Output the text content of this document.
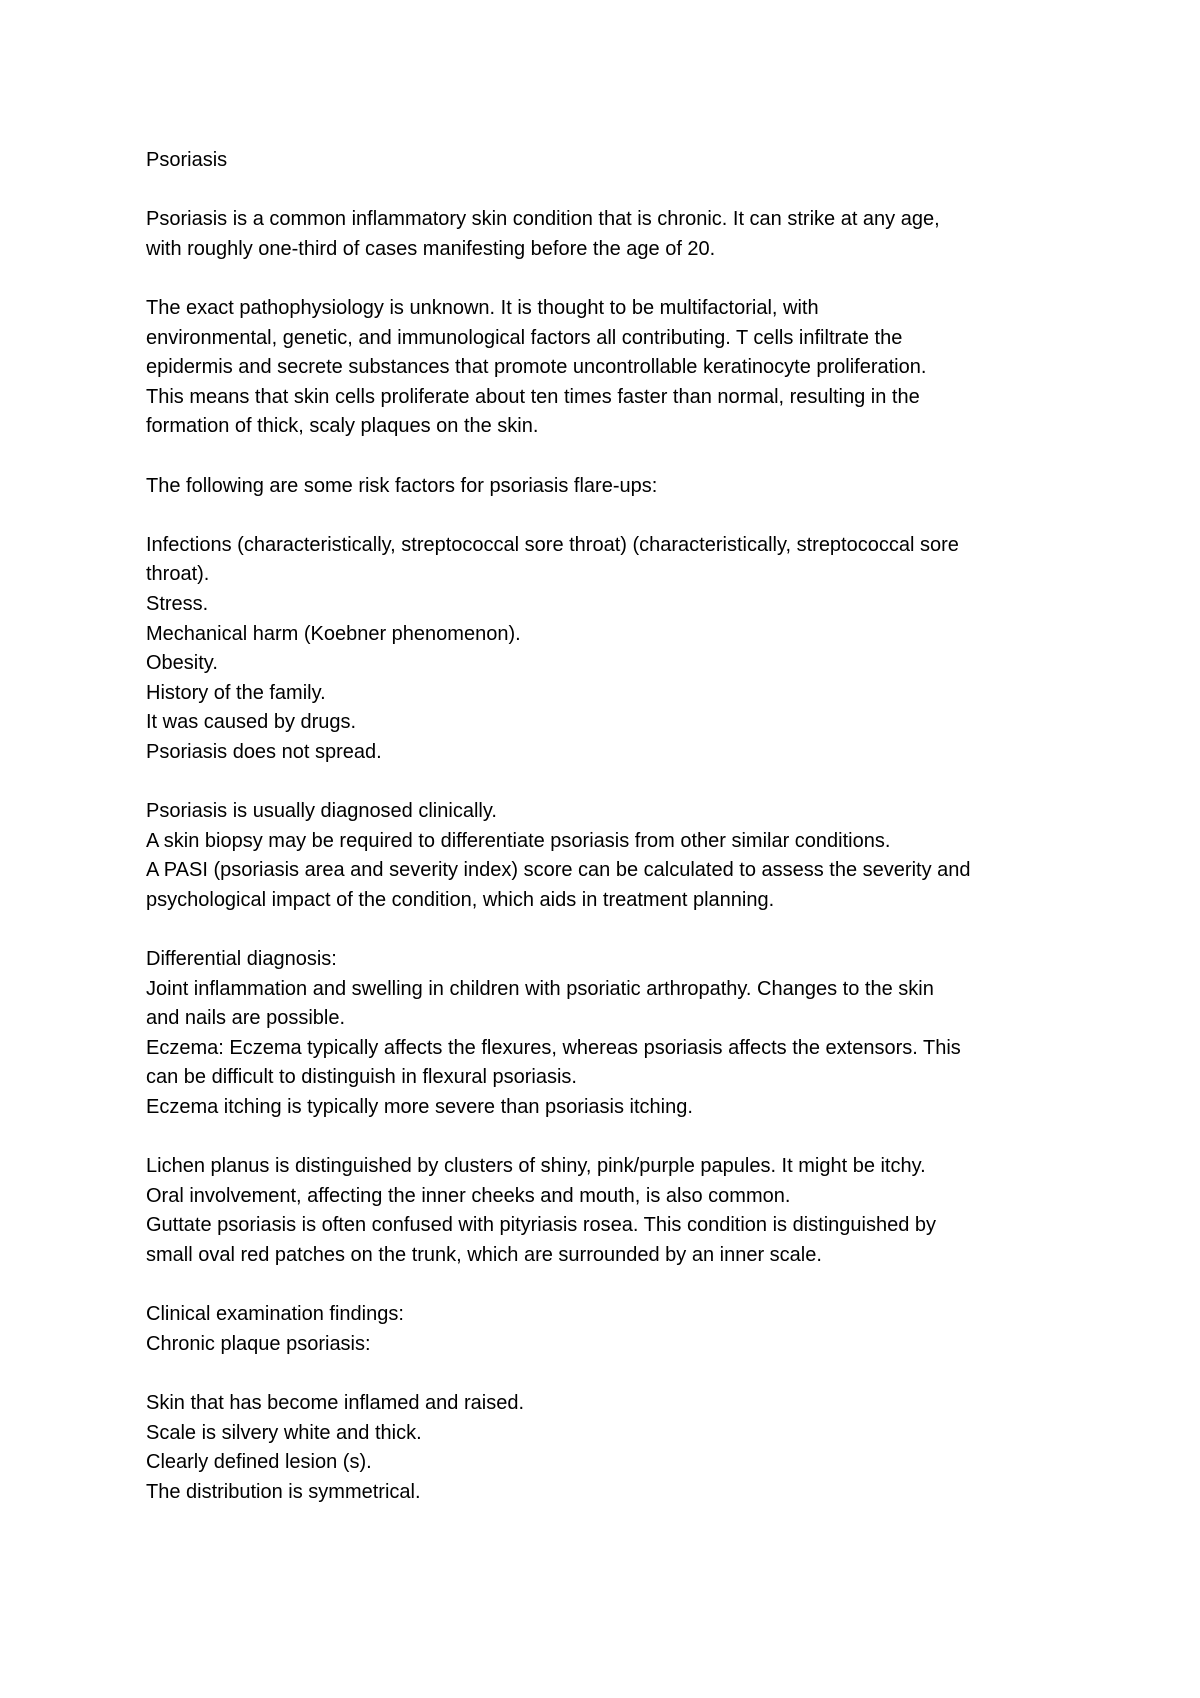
Psoriasis
Psoriasis is a common inflammatory skin condition that is chronic. It can strike at any age,
with roughly one-third of cases manifesting before the age of 20.
The exact pathophysiology is unknown. It is thought to be multifactorial, with
environmental, genetic, and immunological factors all contributing. T cells infiltrate the
epidermis and secrete substances that promote uncontrollable keratinocyte proliferation.
This means that skin cells proliferate about ten times faster than normal, resulting in the
formation of thick, scaly plaques on the skin.
The following are some risk factors for psoriasis flare-ups:
Infections (characteristically, streptococcal sore throat) (characteristically, streptococcal sore
throat).
Stress.
Mechanical harm (Koebner phenomenon).
Obesity.
History of the family.
It was caused by drugs.
Psoriasis does not spread.
Psoriasis is usually diagnosed clinically.
A skin biopsy may be required to differentiate psoriasis from other similar conditions.
A PASI (psoriasis area and severity index) score can be calculated to assess the severity and
psychological impact of the condition, which aids in treatment planning.
Differential diagnosis:
Joint inflammation and swelling in children with psoriatic arthropathy. Changes to the skin
and nails are possible.
Eczema: Eczema typically affects the flexures, whereas psoriasis affects the extensors. This
can be difficult to distinguish in flexural psoriasis.
Eczema itching is typically more severe than psoriasis itching.
Lichen planus is distinguished by clusters of shiny, pink/purple papules. It might be itchy.
Oral involvement, affecting the inner cheeks and mouth, is also common.
Guttate psoriasis is often confused with pityriasis rosea. This condition is distinguished by
small oval red patches on the trunk, which are surrounded by an inner scale.
Clinical examination findings:
Chronic plaque psoriasis:
Skin that has become inflamed and raised.
Scale is silvery white and thick.
Clearly defined lesion (s).
The distribution is symmetrical.
